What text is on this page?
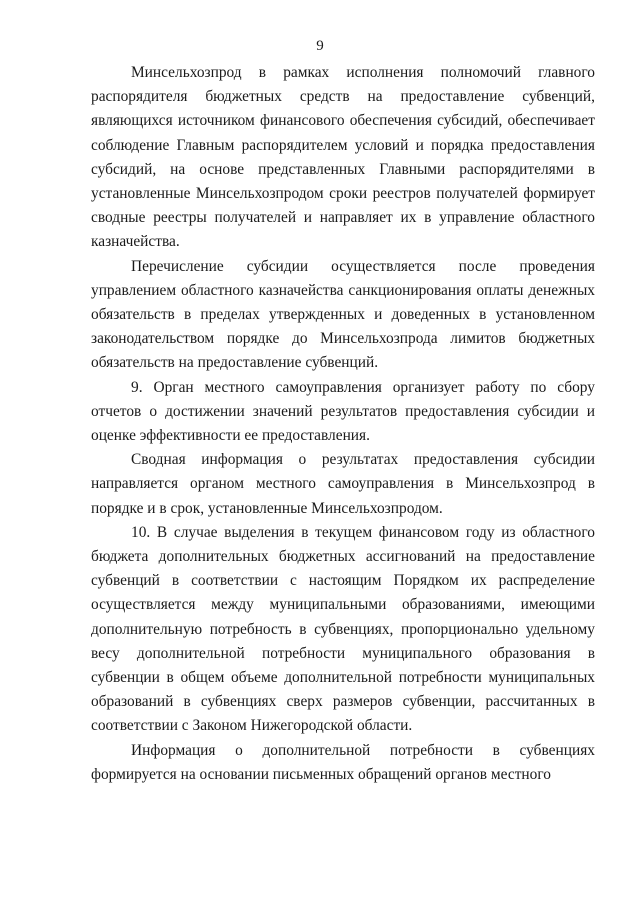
9

Минсельхозпрод в рамках исполнения полномочий главного распорядителя бюджетных средств на предоставление субвенций, являющихся источником финансового обеспечения субсидий, обеспечивает соблюдение Главным распорядителем условий и порядка предоставления субсидий, на основе представленных Главными распорядителями в установленные Минсельхозпродом сроки реестров получателей формирует сводные реестры получателей и направляет их в управление областного казначейства.

Перечисление субсидии осуществляется после проведения управлением областного казначейства санкционирования оплаты денежных обязательств в пределах утвержденных и доведенных в установленном законодательством порядке до Минсельхозпрода лимитов бюджетных обязательств на предоставление субвенций.

9. Орган местного самоуправления организует работу по сбору отчетов о достижении значений результатов предоставления субсидии и оценке эффективности ее предоставления.

Сводная информация о результатах предоставления субсидии направляется органом местного самоуправления в Минсельхозпрод в порядке и в срок, установленные Минсельхозпродом.

10. В случае выделения в текущем финансовом году из областного бюджета дополнительных бюджетных ассигнований на предоставление субвенций в соответствии с настоящим Порядком их распределение осуществляется между муниципальными образованиями, имеющими дополнительную потребность в субвенциях, пропорционально удельному весу дополнительной потребности муниципального образования в субвенции в общем объеме дополнительной потребности муниципальных образований в субвенциях сверх размеров субвенции, рассчитанных в соответствии с Законом Нижегородской области.

Информация о дополнительной потребности в субвенциях формируется на основании письменных обращений органов местного
